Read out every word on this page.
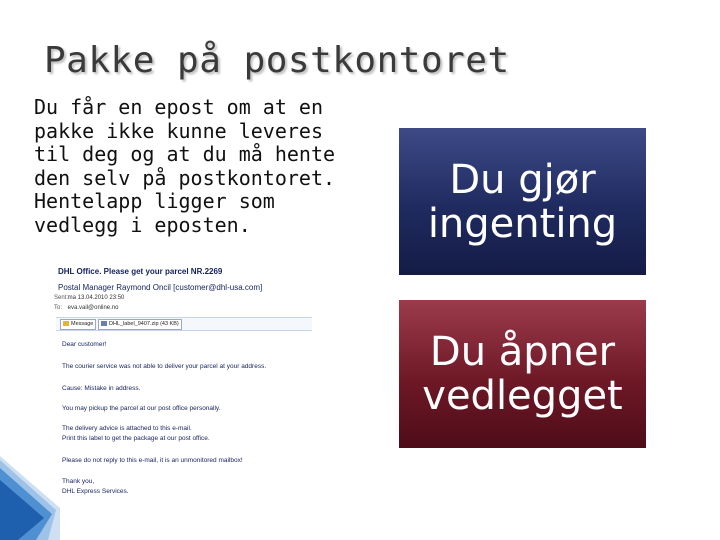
Pakke på postkontoret
Du får en epost om at en
pakke ikke kunne leveres
til deg og at du må hente
den selv på postkontoret.
Hentelapp ligger som
vedlegg i eposten.
Du gjør
ingenting
Du åpner
vedlegget
DHL Office. Please get your parcel NR.2269
Postal Manager Raymond Oncil [customer@dhl-usa.com]
Sent: ma 13.04.2010 23:50
To: eva.vail@online.no
Message	DHL_label_9407.zip (43 KB)
Dear customer!
The courier service was not able to deliver your parcel at your address.
Cause: Mistake in address.
You may pickup the parcel at our post office personally.
The delivery advice is attached to this e-mail.
Print this label to get the package at our post office.
Please do not reply to this e-mail, it is an unmonitored mailbox!
Thank you,
DHL Express Services.
